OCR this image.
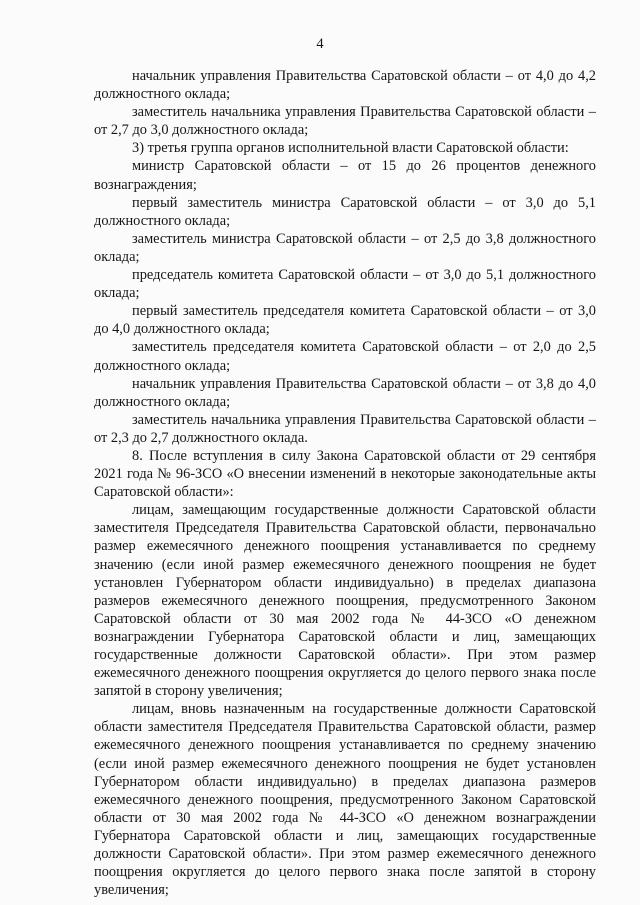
4

начальник управления Правительства Саратовской области – от 4,0 до 4,2 должностного оклада;

заместитель начальника управления Правительства Саратовской области – от 2,7 до 3,0 должностного оклада;

3) третья группа органов исполнительной власти Саратовской области:

министр Саратовской области – от 15 до 26 процентов денежного вознаграждения;

первый заместитель министра Саратовской области – от 3,0 до 5,1 должностного оклада;

заместитель министра Саратовской области – от 2,5 до 3,8 должностного оклада;

председатель комитета Саратовской области – от 3,0 до 5,1 должностного оклада;

первый заместитель председателя комитета Саратовской области – от 3,0 до 4,0 должностного оклада;

заместитель председателя комитета Саратовской области – от 2,0 до 2,5 должностного оклада;

начальник управления Правительства Саратовской области – от 3,8 до 4,0 должностного оклада;

заместитель начальника управления Правительства Саратовской области – от 2,3 до 2,7 должностного оклада.

8. После вступления в силу Закона Саратовской области от 29 сентября 2021 года № 96-ЗСО «О внесении изменений в некоторые законодательные акты Саратовской области»:

лицам, замещающим государственные должности Саратовской области заместителя Председателя Правительства Саратовской области, первоначально размер ежемесячного денежного поощрения устанавливается по среднему значению (если иной размер ежемесячного денежного поощрения не будет установлен Губернатором области индивидуально) в пределах диапазона размеров ежемесячного денежного поощрения, предусмотренного Законом Саратовской области от 30 мая 2002 года № 44-ЗСО «О денежном вознаграждении Губернатора Саратовской области и лиц, замещающих государственные должности Саратовской области». При этом размер ежемесячного денежного поощрения округляется до целого первого знака после запятой в сторону увеличения;

лицам, вновь назначенным на государственные должности Саратовской области заместителя Председателя Правительства Саратовской области, размер ежемесячного денежного поощрения устанавливается по среднему значению (если иной размер ежемесячного денежного поощрения не будет установлен Губернатором области индивидуально) в пределах диапазона размеров ежемесячного денежного поощрения, предусмотренного Законом Саратовской области от 30 мая 2002 года № 44-ЗСО «О денежном вознаграждении Губернатора Саратовской области и лиц, замещающих государственные должности Саратовской области». При этом размер ежемесячного денежного поощрения округляется до целого первого знака после запятой в сторону увеличения;
